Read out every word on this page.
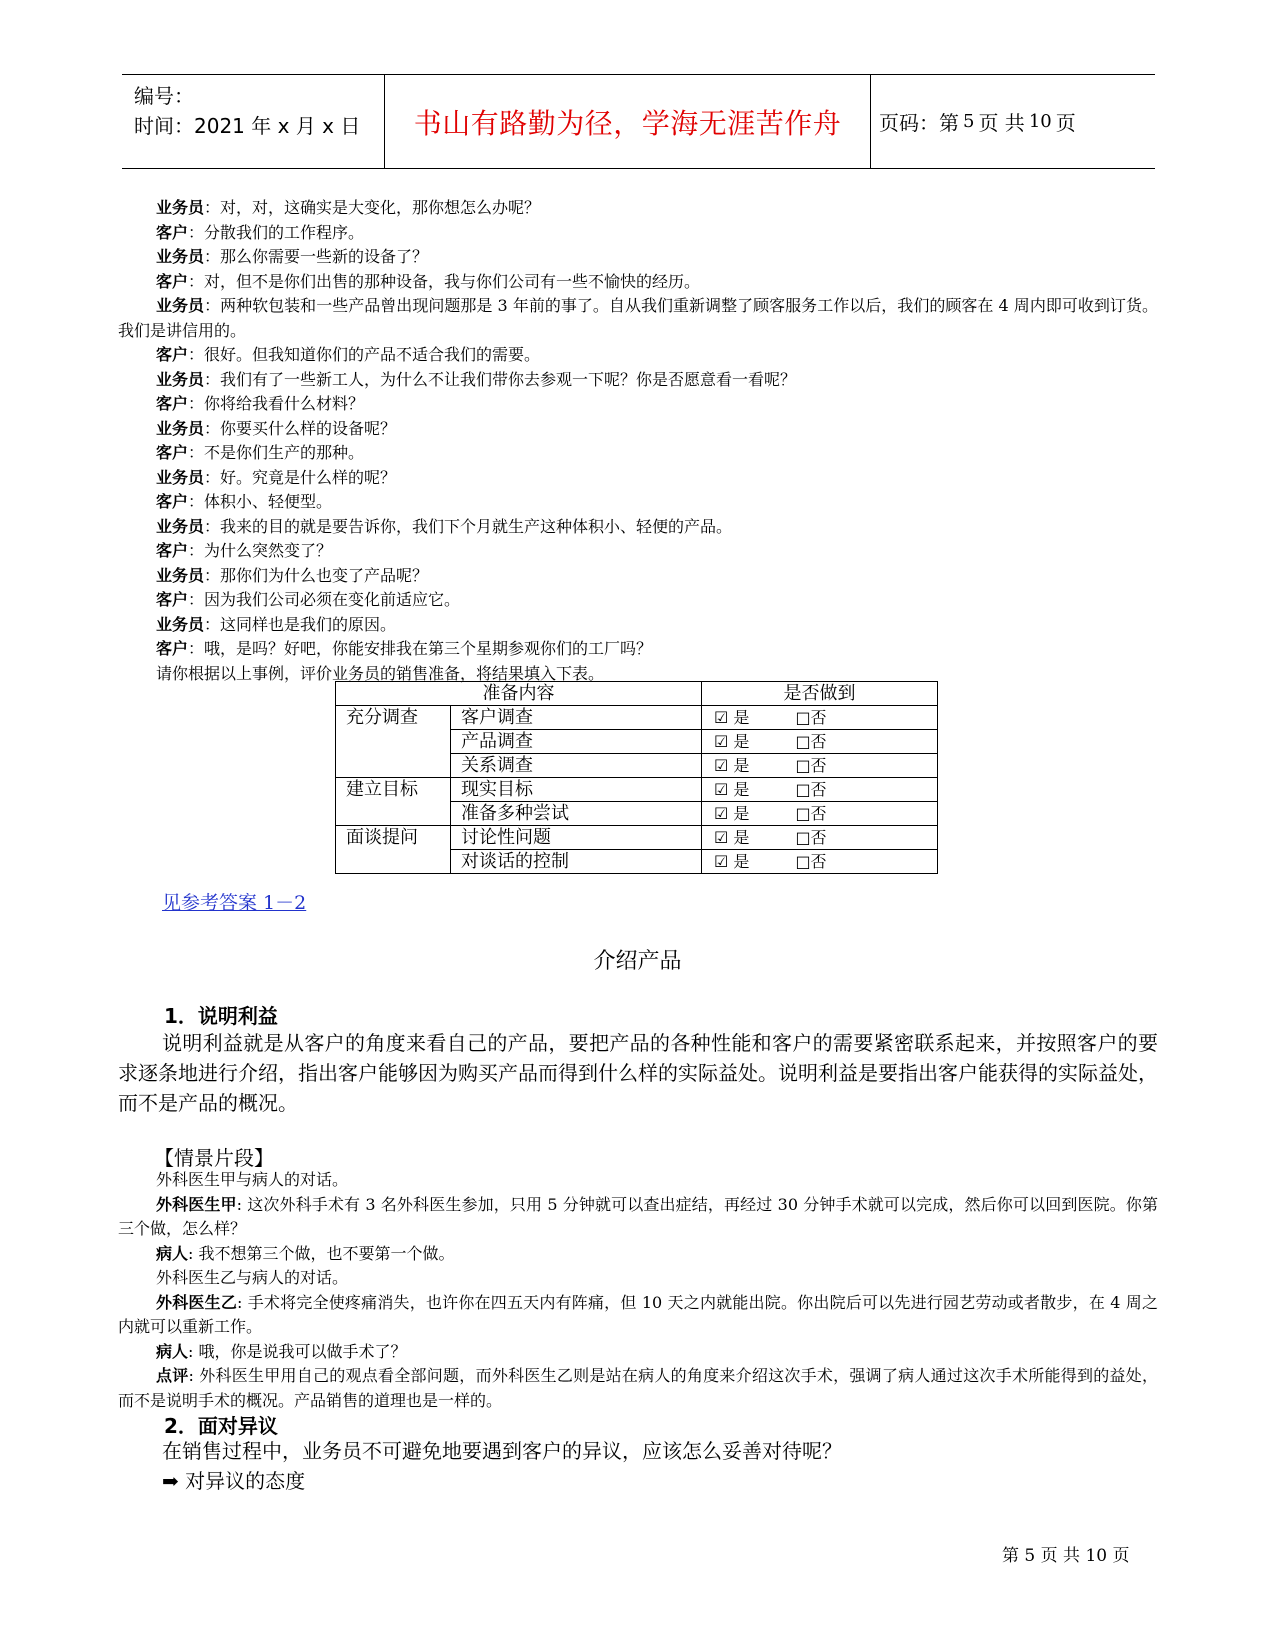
编号：
时间：2021 年 x 月 x 日	书山有路勤为径，学海无涯苦作舟	页码：第 5 页 共 10 页

业务员：对，对，这确实是大变化，那你想怎么办呢？

客户：分散我们的工作程序。

业务员：那么你需要一些新的设备了？

客户：对，但不是你们出售的那种设备，我与你们公司有一些不愉快的经历。

业务员：两种软包装和一些产品曾出现问题那是 3 年前的事了。自从我们重新调整了顾客服务工作以后，我们的顾客在 4 周内即可收到订货。我们是讲信用的。

客户：很好。但我知道你们的产品不适合我们的需要。

业务员：我们有了一些新工人，为什么不让我们带你去参观一下呢？你是否愿意看一看呢？

客户：你将给我看什么材料？

业务员：你要买什么样的设备呢？

客户：不是你们生产的那种。

业务员：好。究竟是什么样的呢？

客户：体积小、轻便型。

业务员：我来的目的就是要告诉你，我们下个月就生产这种体积小、轻便的产品。

客户：为什么突然变了？

业务员：那你们为什么也变了产品呢？

客户：因为我们公司必须在变化前适应它。

业务员：这同样也是我们的原因。

客户：哦，是吗？好吧，你能安排我在第三个星期参观你们的工厂吗？

请你根据以上事例，评价业务员的销售准备，将结果填入下表。

准备内容		是否做到
充分调查	客户调查	☑ 是 □否
	产品调查	☑ 是 □否
	关系调查	☑ 是 □否
建立目标	现实目标	☑ 是 □否
	准备多种尝试	☑ 是 □否
面谈提问	讨论性问题	☑ 是 □否
	对谈话的控制	☑ 是 □否
见参考答案 1－2
介绍产品
1．说明利益

说明利益就是从客户的角度来看自己的产品，要把产品的各种性能和客户的需要紧密联系起来，并按照客户的要求逐条地进行介绍，指出客户能够因为购买产品而得到什么样的实际益处。说明利益是要指出客户能获得的实际益处，而不是产品的概况。

【情景片段】

外科医生甲与病人的对话。

外科医生甲: 这次外科手术有 3 名外科医生参加，只用 5 分钟就可以查出症结，再经过 30 分钟手术就可以完成，然后你可以回到医院。你第三个做，怎么样？

病人: 我不想第三个做，也不要第一个做。

外科医生乙与病人的对话。

外科医生乙: 手术将完全使疼痛消失，也许你在四五天内有阵痛，但 10 天之内就能出院。你出院后可以先进行园艺劳动或者散步，在 4 周之内就可以重新工作。

病人: 哦，你是说我可以做手术了？

点评: 外科医生甲用自己的观点看全部问题，而外科医生乙则是站在病人的角度来介绍这次手术，强调了病人通过这次手术所能得到的益处，而不是说明手术的概况。产品销售的道理也是一样的。

2．面对异议
在销售过程中，业务员不可避免地要遇到客户的异议，应该怎么妥善对待呢？
➡ 对异议的态度
第 5 页 共 10 页
